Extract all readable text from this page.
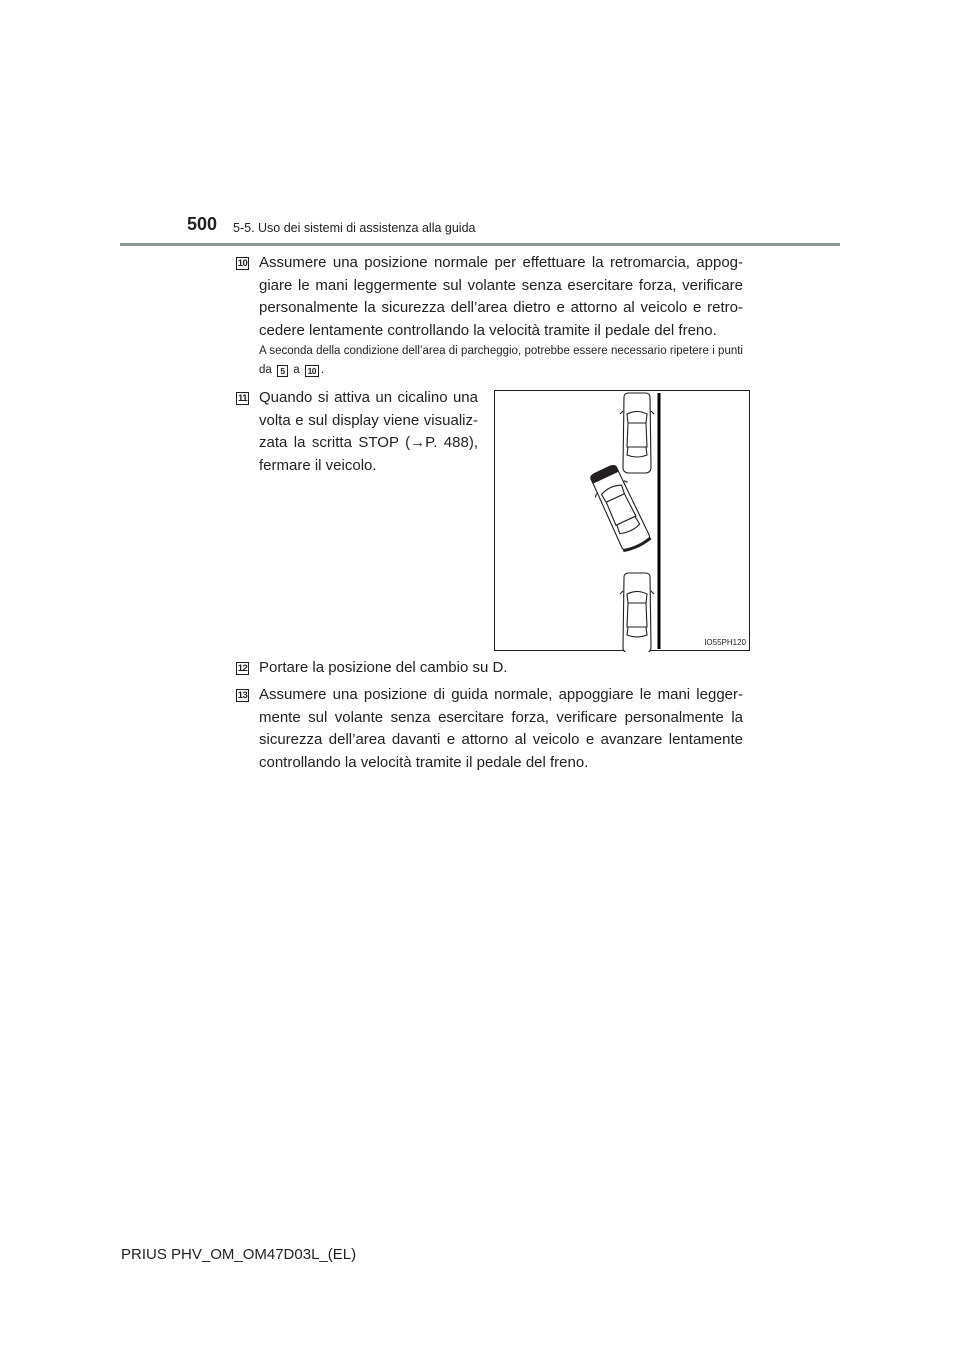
500 5-5. Uso dei sistemi di assistenza alla guida
10 Assumere una posizione normale per effettuare la retromarcia, appog-giare le mani leggermente sul volante senza esercitare forza, verificare personalmente la sicurezza dell’area dietro e attorno al veicolo e retro-cedere lentamente controllando la velocità tramite il pedale del freno.

A seconda della condizione dell’area di parcheggio, potrebbe essere necessario ripetere i punti da 5 a 10 .

11 Quando si attiva un cicalino una volta e sul display viene visualiz-zata la scritta STOP (→P. 488), fermare il veicolo.

IO55PH120
12 Portare la posizione del cambio su D.

13 Assumere una posizione di guida normale, appoggiare le mani legger-mente sul volante senza esercitare forza, verificare personalmente la sicurezza dell’area davanti e attorno al veicolo e avanzare lentamente controllando la velocità tramite il pedale del freno.

PRIUS PHV_OM_OM47D03L_(EL)
